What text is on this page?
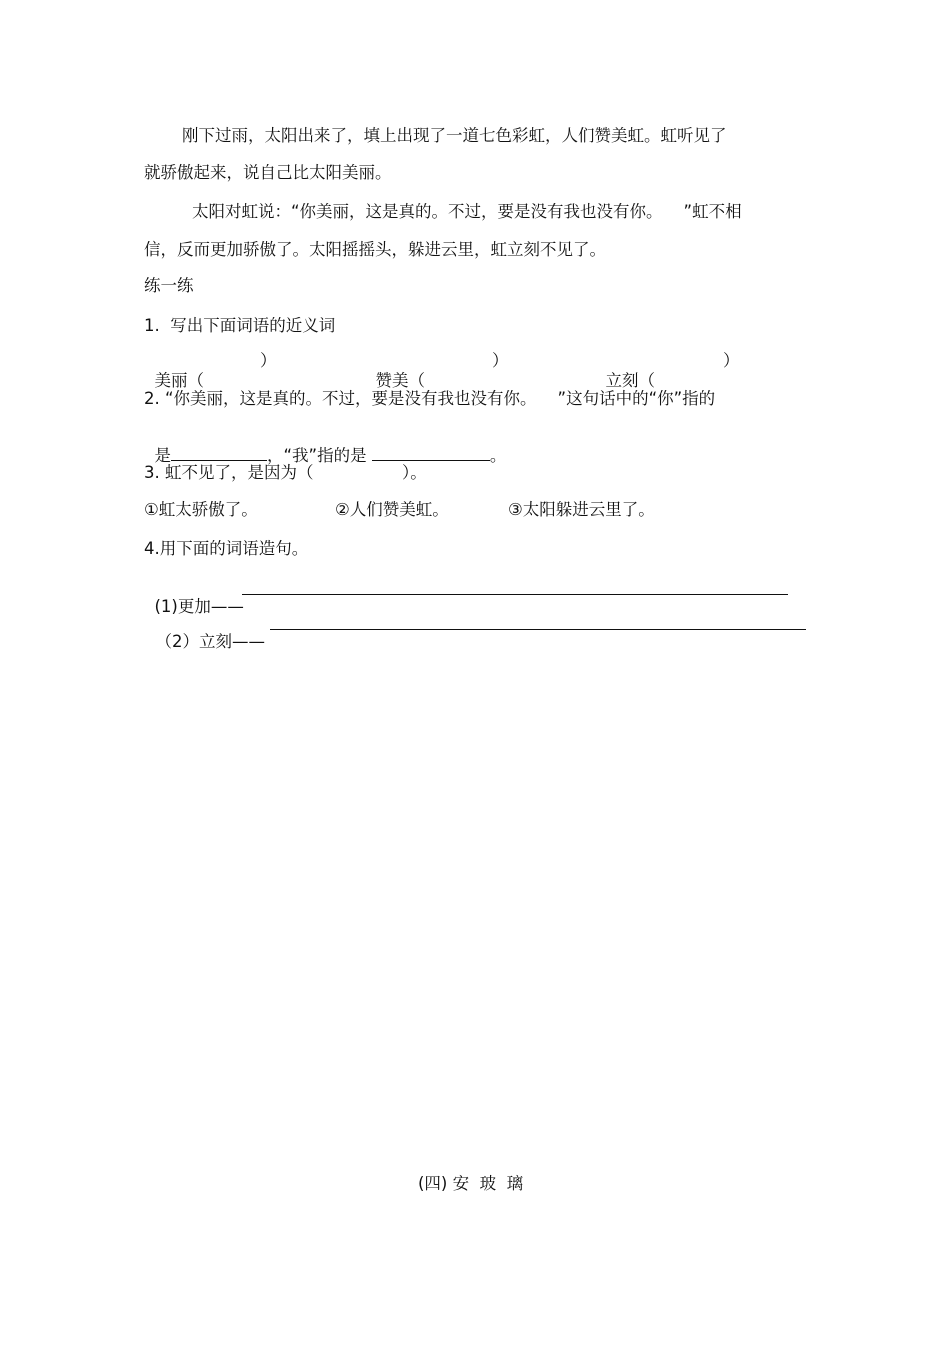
刚下过雨，太阳出来了，填上出现了一道七色彩虹，人们赞美虹。虹听见了
就骄傲起来，说自己比太阳美丽。
太阳对虹说：“你美丽，这是真的。不过，要是没有我也没有你。    ”虹不相
信，反而更加骄傲了。太阳摇摇头，躲进云里，虹立刻不见了。
练一练
1.  写出下面词语的近义词

美丽（

）

赞美（

）

立刻（

）
2. “你美丽，这是真的。不过，要是没有我也没有你。    ”这句话中的“你”指的

是	，“我”指的是	。

3. 虹不见了，是因为（	）。
①虹太骄傲了。	②人们赞美虹。	③太阳躲进云里了。
4.用下面的词语造句。

(1)更加——

（2）立刻——

(四) 安  玻  璃
